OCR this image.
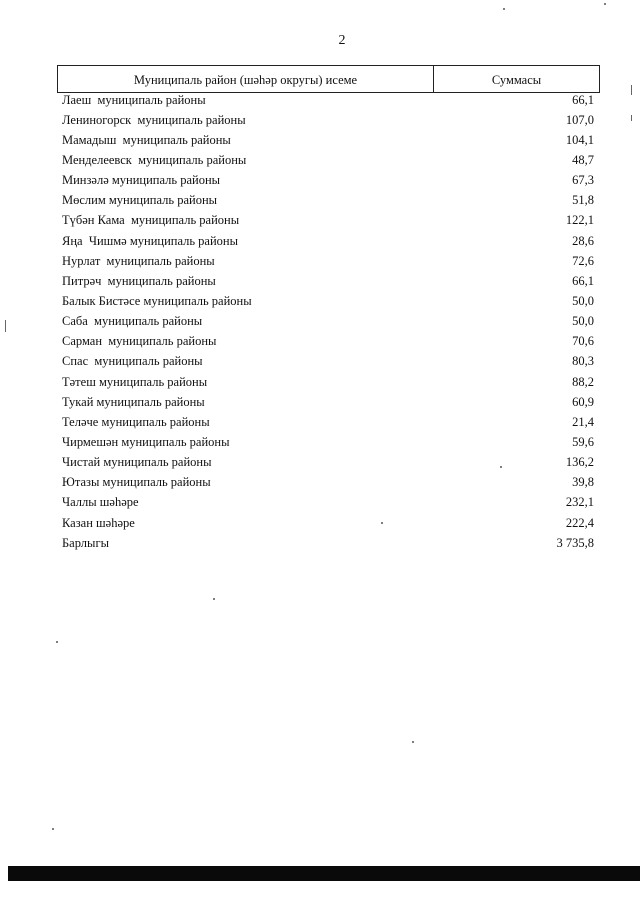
2
Муниципаль район (шәһәр округы) исеме	Суммасы
Лаеш  муниципаль районы	66,1
Лениногорск  муниципаль районы	107,0
Мамадыш  муниципаль районы	104,1
Менделеевск  муниципаль районы	48,7
Минзәлә муниципаль районы	67,3
Мөслим муниципаль районы	51,8
Түбән Кама  муниципаль районы	122,1
Яңа  Чишмә муниципаль районы	28,6
Нурлат  муниципаль районы	72,6
Питрәч  муниципаль районы	66,1
Балык Бистәсе муниципаль районы	50,0
Саба  муниципаль районы	50,0
Сарман  муниципаль районы	70,6
Спас  муниципаль районы	80,3
Тәтеш муниципаль районы	88,2
Тукай муниципаль районы	60,9
Теләче муниципаль районы	21,4
Чирмешән муниципаль районы	59,6
Чистай муниципаль районы	136,2
Ютазы муниципаль районы	39,8
Чаллы шәһәре	232,1
Казан шәһәре	222,4
Барлыгы	3 735,8
